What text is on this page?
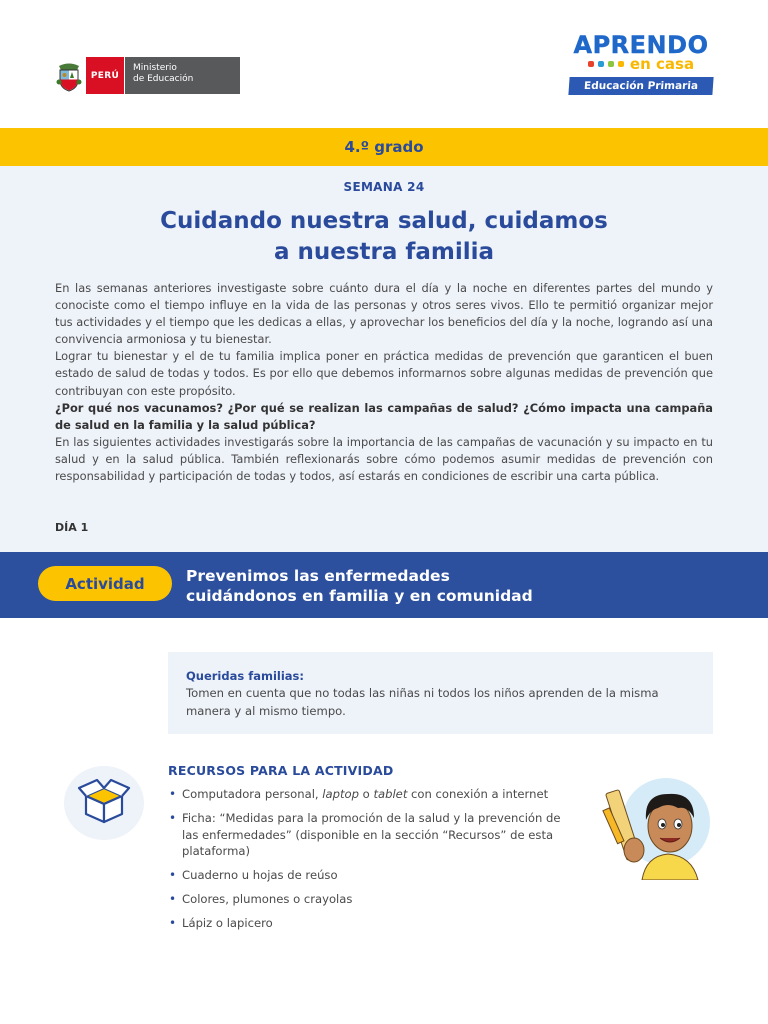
PERÚ
Ministerio
de Educación
APRENDO
en casa
Educación Primaria
4.º grado
SEMANA 24
Cuidando nuestra salud, cuidamos
a nuestra familia

En las semanas anteriores investigaste sobre cuánto dura el día y la noche en diferentes partes del mundo y conociste como el tiempo influye en la vida de las personas y otros seres vivos. Ello te permitió organizar mejor tus actividades y el tiempo que les dedicas a ellas, y aprovechar los beneficios del día y la noche, logrando así una convivencia armoniosa y tu bienestar.

Lograr tu bienestar y el de tu familia implica poner en práctica medidas de prevención que garanticen el buen estado de salud de todas y todos. Es por ello que debemos informarnos sobre algunas medidas de prevención que contribuyan con este propósito.

¿Por qué nos vacunamos? ¿Por qué se realizan las campañas de salud? ¿Cómo impacta una campaña de salud en la familia y la salud pública?

En las siguientes actividades investigarás sobre la importancia de las campañas de vacunación y su impacto en tu salud y en la salud pública. También reflexionarás sobre cómo podemos asumir medidas de prevención con responsabilidad y participación de todas y todos, así estarás en condiciones de escribir una carta pública.

DÍA 1
Actividad	Prevenimos las enfermedades
cuidándonos en familia y en comunidad
Queridas familias:
Tomen en cuenta que no todas las niñas ni todos los niños aprenden de la misma manera y al mismo tiempo.
RECURSOS PARA LA ACTIVIDAD
• Computadora personal, laptop o tablet con conexión a internet
• Ficha: “Medidas para la promoción de la salud y la prevención de las enfermedades” (disponible en la sección “Recursos” de esta plataforma)
• Cuaderno u hojas de reúso
• Colores, plumones o crayolas
• Lápiz o lapicero
